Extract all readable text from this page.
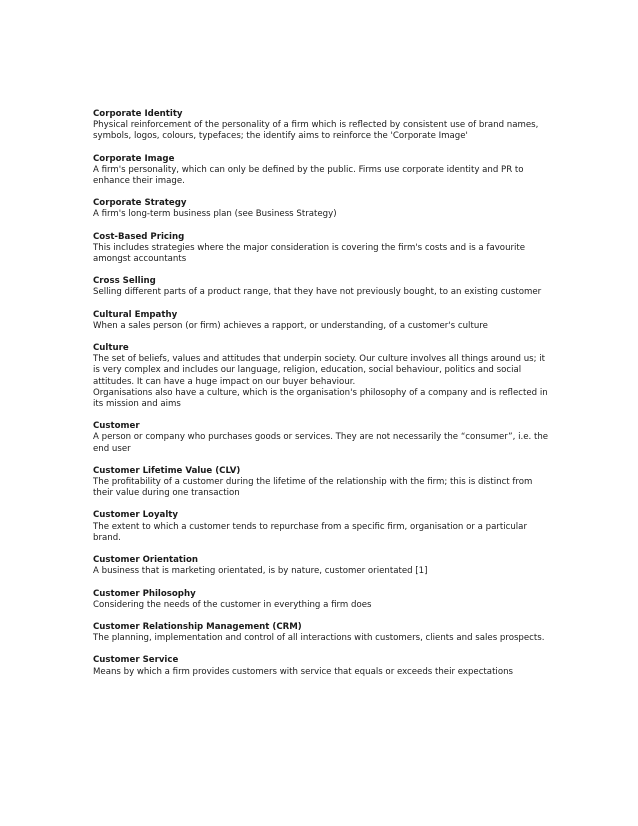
Corporate Identity

Physical reinforcement of the personality of a firm which is reflected by consistent use of brand names, symbols, logos, colours, typefaces; the identify aims to reinforce the 'Corporate Image'

Corporate Image

A firm's personality, which can only be defined by the public. Firms use corporate identity and PR to enhance their image.

Corporate Strategy

A firm's long-term business plan (see Business Strategy)

Cost-Based Pricing

This includes strategies where the major consideration is covering the firm's costs and is a favourite amongst accountants

Cross Selling

Selling different parts of a product range, that they have not previously bought, to an existing customer

Cultural Empathy

When a sales person (or firm) achieves a rapport, or understanding, of a customer's culture

Culture

The set of beliefs, values and attitudes that underpin society. Our culture involves all things around us; it is very complex and includes our language, religion, education, social behaviour, politics and social attitudes. It can have a huge impact on our buyer behaviour.

Organisations also have a culture, which is the organisation's philosophy of a company and is reflected in its mission and aims

Customer

A person or company who purchases goods or services. They are not necessarily the “consumer”, i.e. the end user

Customer Lifetime Value (CLV)

The profitability of a customer during the lifetime of the relationship with the firm; this is distinct from their value during one transaction

Customer Loyalty

The extent to which a customer tends to repurchase from a specific firm, organisation or a particular brand.

Customer Orientation

A business that is marketing orientated, is by nature, customer orientated [1]

Customer Philosophy

Considering the needs of the customer in everything a firm does

Customer Relationship Management (CRM)

The planning, implementation and control of all interactions with customers, clients and sales prospects.

Customer Service

Means by which a firm provides customers with service that equals or exceeds their expectations
